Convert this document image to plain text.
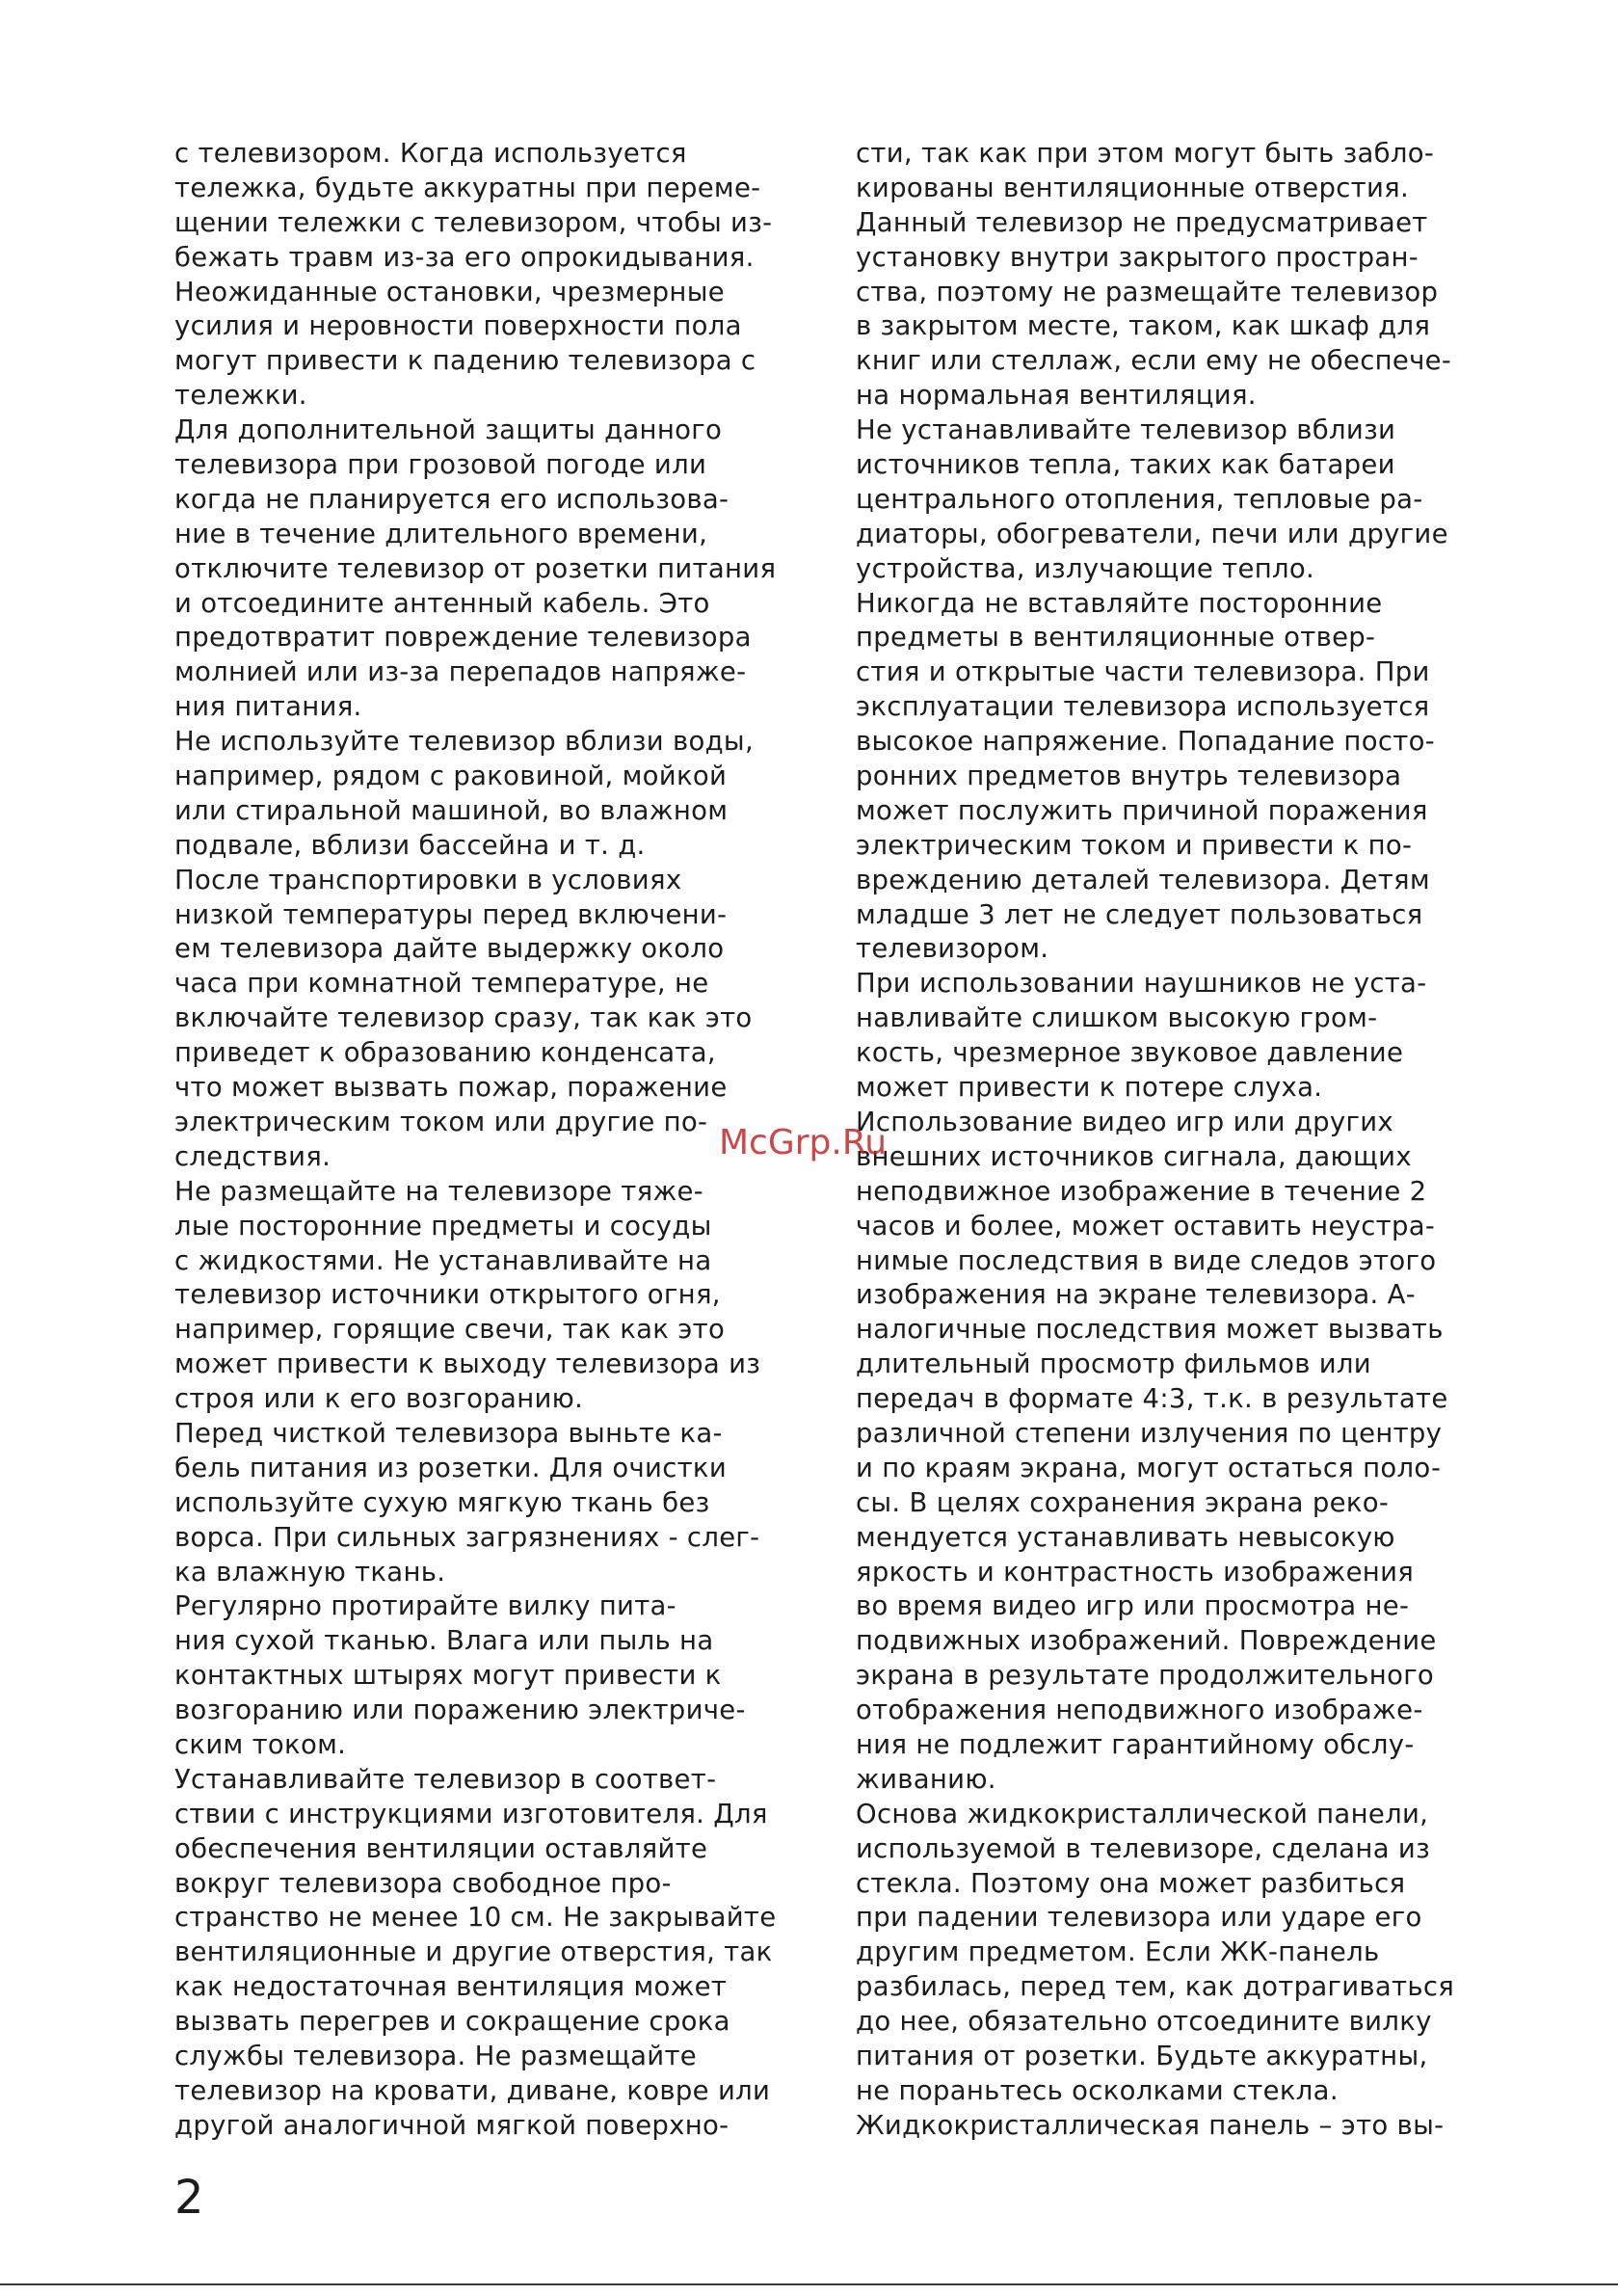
с телевизором. Когда используется
тележка, будьте аккуратны при переме-
щении тележки с телевизором, чтобы из-
бежать травм из-за его опрокидывания.
Неожиданные остановки, чрезмерные
усилия и неровности поверхности пола
могут привести к падению телевизора с
тележки.
Для дополнительной защиты данного
телевизора при грозовой погоде или
когда не планируется его использова-
ние в течение длительного времени,
отключите телевизор от розетки питания
и отсоедините антенный кабель. Это
предотвратит повреждение телевизора
молнией или из-за перепадов напряже-
ния питания.
Не используйте телевизор вблизи воды,
например, рядом с раковиной, мойкой
или стиральной машиной, во влажном
подвале, вблизи бассейна и т. д.
После транспортировки в условиях
низкой температуры перед включени-
ем телевизора дайте выдержку около
часа при комнатной температуре, не
включайте телевизор сразу, так как это
приведет к образованию конденсата,
что может вызвать пожар, поражение
электрическим током или другие по-
следствия.
Не размещайте на телевизоре тяже-
лые посторонние предметы и сосуды
с жидкостями. Не устанавливайте на
телевизор источники открытого огня,
например, горящие свечи, так как это
может привести к выходу телевизора из
строя или к его возгоранию.
Перед чисткой телевизора выньте ка-
бель питания из розетки. Для очистки
используйте сухую мягкую ткань без
ворса. При сильных загрязнениях - слег-
ка влажную ткань.
Регулярно протирайте вилку пита-
ния сухой тканью. Влага или пыль на
контактных штырях могут привести к
возгоранию или поражению электриче-
ским током.
Устанавливайте телевизор в соответ-
ствии с инструкциями изготовителя. Для
обеспечения вентиляции оставляйте
вокруг телевизора свободное про-
странство не менее 10 см. Не закрывайте
вентиляционные и другие отверстия, так
как недостаточная вентиляция может
вызвать перегрев и сокращение срока
службы телевизора. Не размещайте
телевизор на кровати, диване, ковре или
другой аналогичной мягкой поверхно-
сти, так как при этом могут быть забло-
кированы вентиляционные отверстия.
Данный телевизор не предусматривает
установку внутри закрытого простран-
ства, поэтому не размещайте телевизор
в закрытом месте, таком, как шкаф для
книг или стеллаж, если ему не обеспече-
на нормальная вентиляция.
Не устанавливайте телевизор вблизи
источников тепла, таких как батареи
центрального отопления, тепловые ра-
диаторы, обогреватели, печи или другие
устройства, излучающие тепло.
Никогда не вставляйте посторонние
предметы в вентиляционные отвер-
стия и открытые части телевизора. При
эксплуатации телевизора используется
высокое напряжение. Попадание посто-
ронних предметов внутрь телевизора
может послужить причиной поражения
электрическим током и привести к по-
вреждению деталей телевизора. Детям
младше 3 лет не следует пользоваться
телевизором.
При использовании наушников не уста-
навливайте слишком высокую гром-
кость, чрезмерное звуковое давление
может привести к потере слуха.
Использование видео игр или других
внешних источников сигнала, дающих
неподвижное изображение в течение 2
часов и более, может оставить неустра-
нимые последствия в виде следов этого
изображения на экране телевизора. А-
налогичные последствия может вызвать
длительный просмотр фильмов или
передач в формате 4:3, т.к. в результате
различной степени излучения по центру
и по краям экрана, могут остаться полo-
сы. В целях сохранения экрана реко-
мендуется устанавливать невысокую
яркость и контрастность изображения
во время видео игр или просмотра не-
подвижных изображений. Повреждение
экрана в результате продолжительного
отображения неподвижного изображе-
ния не подлежит гарантийному обслу-
живанию.
Основа жидкокристаллической панели,
используемой в телевизоре, сделана из
стекла. Поэтому она может разбиться
при падении телевизора или ударе его
другим предметом. Если ЖК-панель
разбилась, перед тем, как дотрагиваться
до нее, обязательно отсоедините вилку
питания от розетки. Будьте аккуратны,
не пораньтесь осколками стекла.
Жидкокристаллическая панель – это вы-
McGrp.Ru
2
